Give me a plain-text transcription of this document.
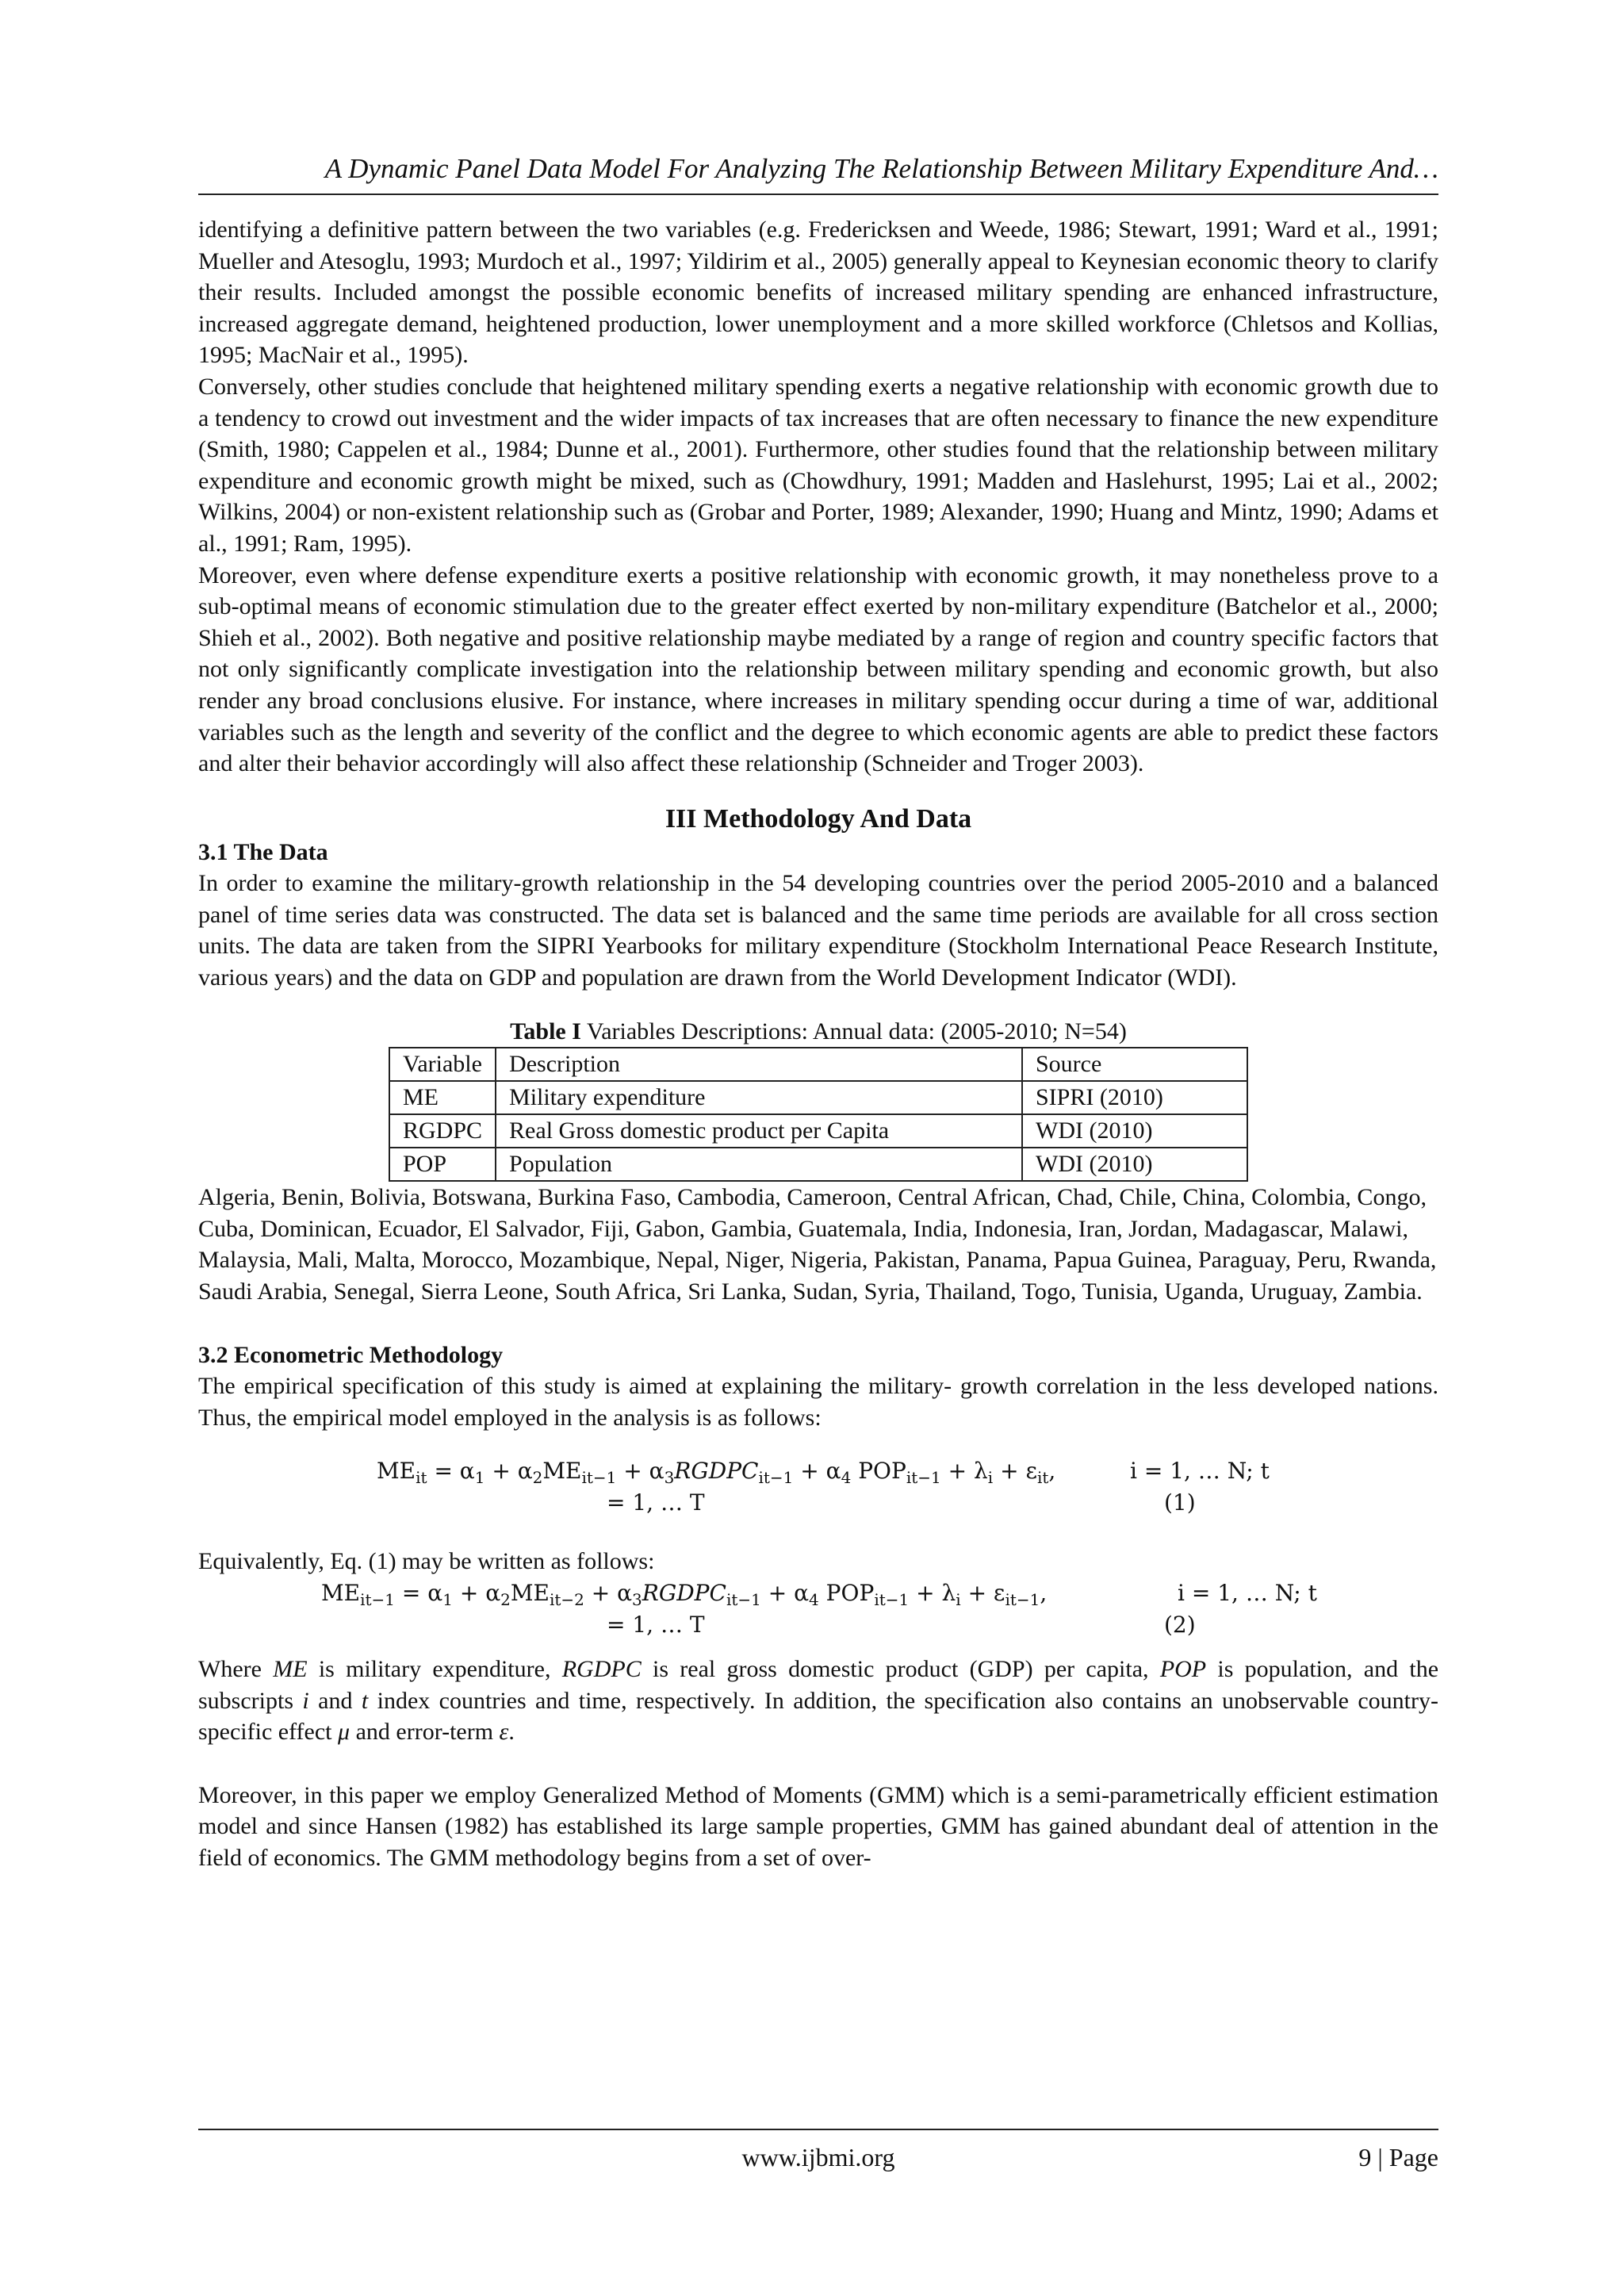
A Dynamic Panel Data Model For Analyzing The Relationship Between Military Expenditure And…

identifying a definitive pattern between the two variables (e.g. Fredericksen and Weede, 1986; Stewart, 1991; Ward et al., 1991; Mueller and Atesoglu, 1993; Murdoch et al., 1997; Yildirim et al., 2005) generally appeal to Keynesian economic theory to clarify their results. Included amongst the possible economic benefits of increased military spending are enhanced infrastructure, increased aggregate demand, heightened production, lower unemployment and a more skilled workforce (Chletsos and Kollias, 1995; MacNair et al., 1995).

Conversely, other studies conclude that heightened military spending exerts a negative relationship with economic growth due to a tendency to crowd out investment and the wider impacts of tax increases that are often necessary to finance the new expenditure (Smith, 1980; Cappelen et al., 1984; Dunne et al., 2001). Furthermore, other studies found that the relationship between military expenditure and economic growth might be mixed, such as (Chowdhury, 1991; Madden and Haslehurst, 1995; Lai et al., 2002; Wilkins, 2004) or non-existent relationship such as (Grobar and Porter, 1989; Alexander, 1990; Huang and Mintz, 1990; Adams et al., 1991; Ram, 1995).

Moreover, even where defense expenditure exerts a positive relationship with economic growth, it may nonetheless prove to a sub-optimal means of economic stimulation due to the greater effect exerted by non-military expenditure (Batchelor et al., 2000; Shieh et al., 2002). Both negative and positive relationship maybe mediated by a range of region and country specific factors that not only significantly complicate investigation into the relationship between military spending and economic growth, but also render any broad conclusions elusive. For instance, where increases in military spending occur during a time of war, additional variables such as the length and severity of the conflict and the degree to which economic agents are able to predict these factors and alter their behavior accordingly will also affect these relationship (Schneider and Troger 2003).

III Methodology And Data

3.1 The Data

In order to examine the military-growth relationship in the 54 developing countries over the period 2005-2010 and a balanced panel of time series data was constructed. The data set is balanced and the same time periods are available for all cross section units. The data are taken from the SIPRI Yearbooks for military expenditure (Stockholm International Peace Research Institute, various years) and the data on GDP and population are drawn from the World Development Indicator (WDI).

Table I Variables Descriptions: Annual data: (2005-2010; N=54)
Variable	Description	Source
ME	Military expenditure	SIPRI (2010)
RGDPC	Real Gross domestic product per Capita	WDI (2010)
POP	Population	WDI (2010)

Algeria, Benin, Bolivia, Botswana, Burkina Faso, Cambodia, Cameroon, Central African, Chad, Chile, China, Colombia, Congo, Cuba, Dominican, Ecuador, El Salvador, Fiji, Gabon, Gambia, Guatemala, India, Indonesia, Iran, Jordan, Madagascar, Malawi, Malaysia, Mali, Malta, Morocco, Mozambique, Nepal, Niger, Nigeria, Pakistan, Panama, Papua Guinea, Paraguay, Peru, Rwanda, Saudi Arabia, Senegal, Sierra Leone, South Africa, Sri Lanka, Sudan, Syria, Thailand, Togo, Tunisia, Uganda, Uruguay, Zambia.

3.2 Econometric Methodology

The empirical specification of this study is aimed at explaining the military- growth correlation in the less developed nations. Thus, the empirical model employed in the analysis is as follows:

$ME_{it} = \alpha_1 + \alpha_2ME_{it-1}$ + $\alpha_3RGDPC_{it-1} + \alpha_4$ $POP_{it-1} + \lambda_i + \varepsilon_{it}$,	i = 1, … N; t
= 1, … T	(1)

Equivalently, Eq. (1) may be written as follows:

$ME_{it-1} = \alpha_1 + \alpha_2ME_{it-2}$ + $\alpha_3RGDPC_{it-1} + \alpha_4$ $POP_{it-1} + \lambda_i + \varepsilon_{it-1}$,	i = 1, … N; t
= 1, … T	(2)

Where ME is military expenditure, RGDPC is real gross domestic product (GDP) per capita, POP is population, and the subscripts i and t index countries and time, respectively. In addition, the specification also contains an unobservable country-specific effect μ and error-term ε.

Moreover, in this paper we employ Generalized Method of Moments (GMM) which is a semi-parametrically efficient estimation model and since Hansen (1982) has established its large sample properties, GMM has gained abundant deal of attention in the field of economics. The GMM methodology begins from a set of over-

www.ijbmi.org	9 | Page
